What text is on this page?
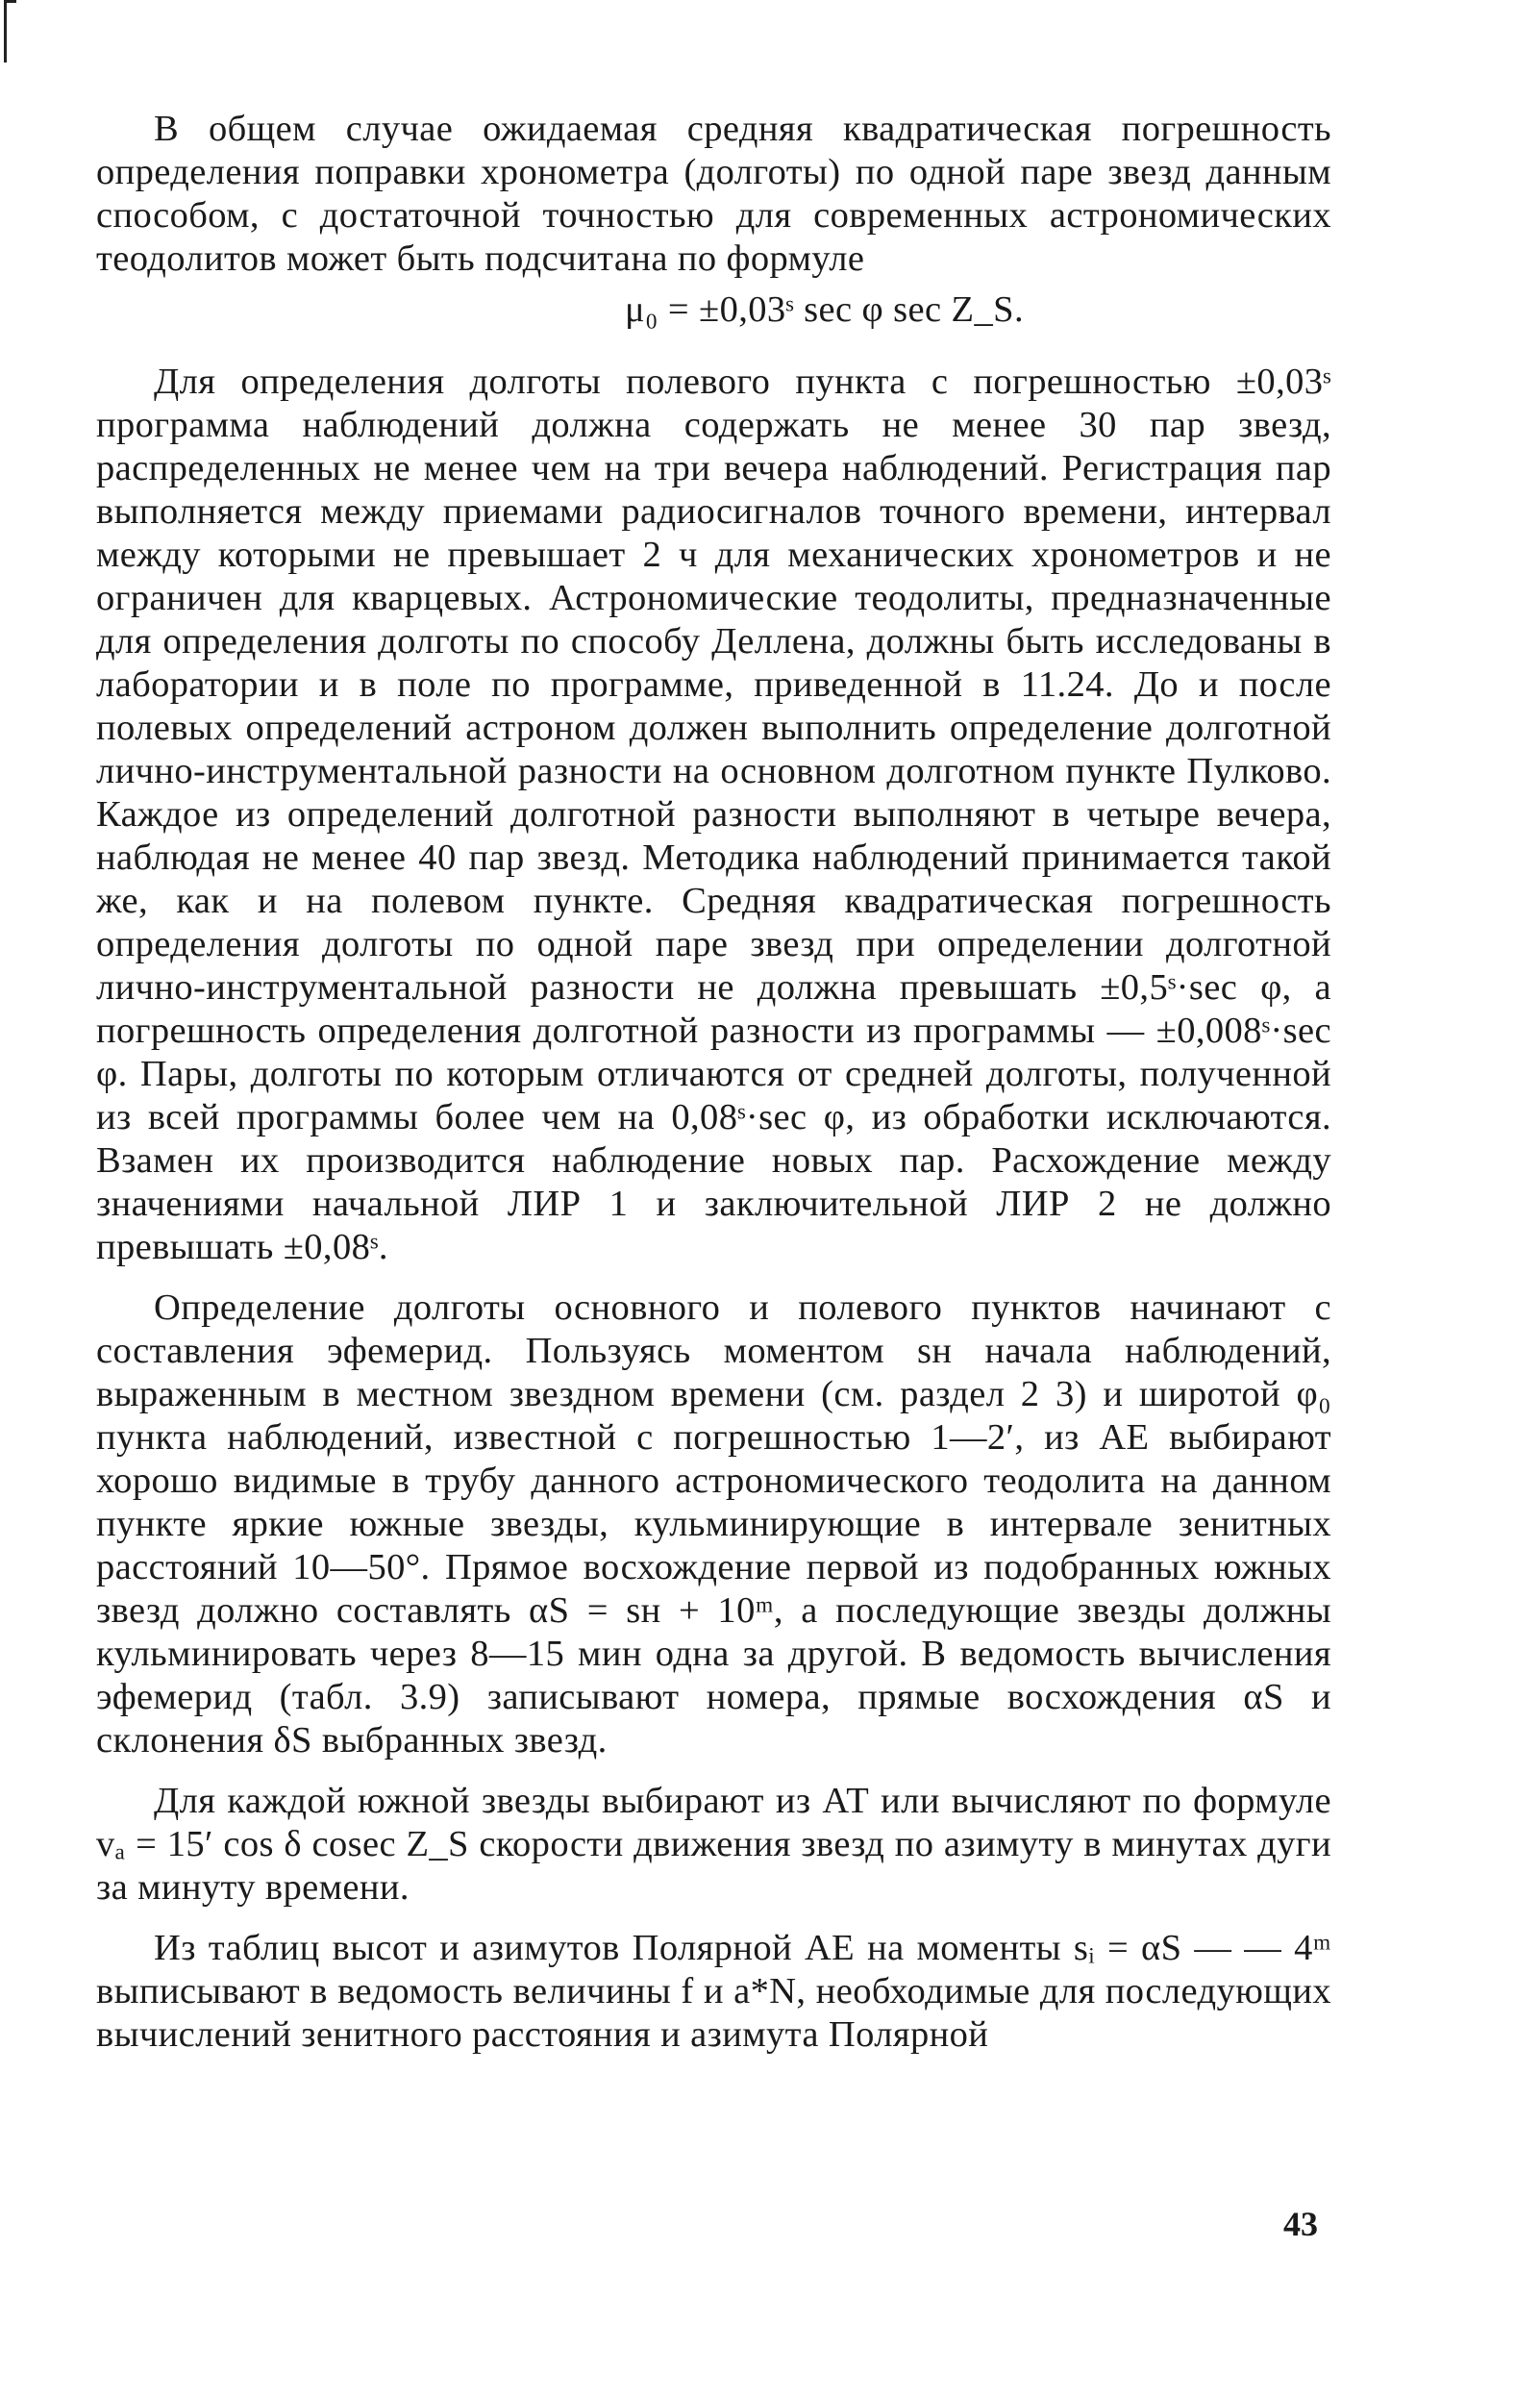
В общем случае ожидаемая средняя квадратическая погрешность определения поправки хронометра (долготы) по одной паре звезд данным способом, с достаточной точностью для современных астрономических теодолитов может быть подсчитана по формуле

μ₀ = ±0,03ˢ sec φ sec Z_S.

Для определения долготы полевого пункта с погрешностью ±0,03ˢ программа наблюдений должна содержать не менее 30 пар звезд, распределенных не менее чем на три вечера наблюдений. Регистрация пар выполняется между приемами радиосигналов точного времени, интервал между которыми не превышает 2 ч для механических хронометров и не ограничен для кварцевых. Астрономические теодолиты, предназначенные для определения долготы по способу Деллена, должны быть исследованы в лаборатории и в поле по программе, приведенной в 11.24. До и после полевых определений астроном должен выполнить определение долготной лично-инструментальной разности на основном долготном пункте Пулково. Каждое из определений долготной разности выполняют в четыре вечера, наблюдая не менее 40 пар звезд. Методика наблюдений принимается такой же, как и на полевом пункте. Средняя квадратическая погрешность определения долготы по одной паре звезд при определении долготной лично-инструментальной разности не должна превышать ±0,5ˢ·sec φ, а погрешность определения долготной разности из программы — ±0,008ˢ·sec φ. Пары, долготы по которым отличаются от средней долготы, полученной из всей программы более чем на 0,08ˢ·sec φ, из обработки исключаются. Взамен их производится наблюдение новых пар. Расхождение между значениями начальной ЛИР 1 и заключительной ЛИР 2 не должно превышать ±0,08ˢ.

Определение долготы основного и полевого пунктов начинают с составления эфемерид. Пользуясь моментом sн начала наблюдений, выраженным в местном звездном времени (см. раздел 2 3) и широтой φ₀ пункта наблюдений, известной с погрешностью 1—2′, из АЕ выбирают хорошо видимые в трубу данного астрономического теодолита на данном пункте яркие южные звезды, кульминирующие в интервале зенитных расстояний 10—50°. Прямое восхождение первой из подобранных южных звезд должно составлять αS = sн + 10ᵐ, а последующие звезды должны кульминировать через 8—15 мин одна за другой. В ведомость вычисления эфемерид (табл. 3.9) записывают номера, прямые восхождения αS и склонения δS выбранных звезд.

Для каждой южной звезды выбирают из АТ или вычисляют по формуле vₐ = 15′ cos δ cosec Z_S скорости движения звезд по азимуту в минутах дуги за минуту времени.

Из таблиц высот и азимутов Полярной АЕ на моменты sᵢ = αS — — 4ᵐ выписывают в ведомость величины f и a*N, необходимые для последующих вычислений зенитного расстояния и азимута Полярной

43
